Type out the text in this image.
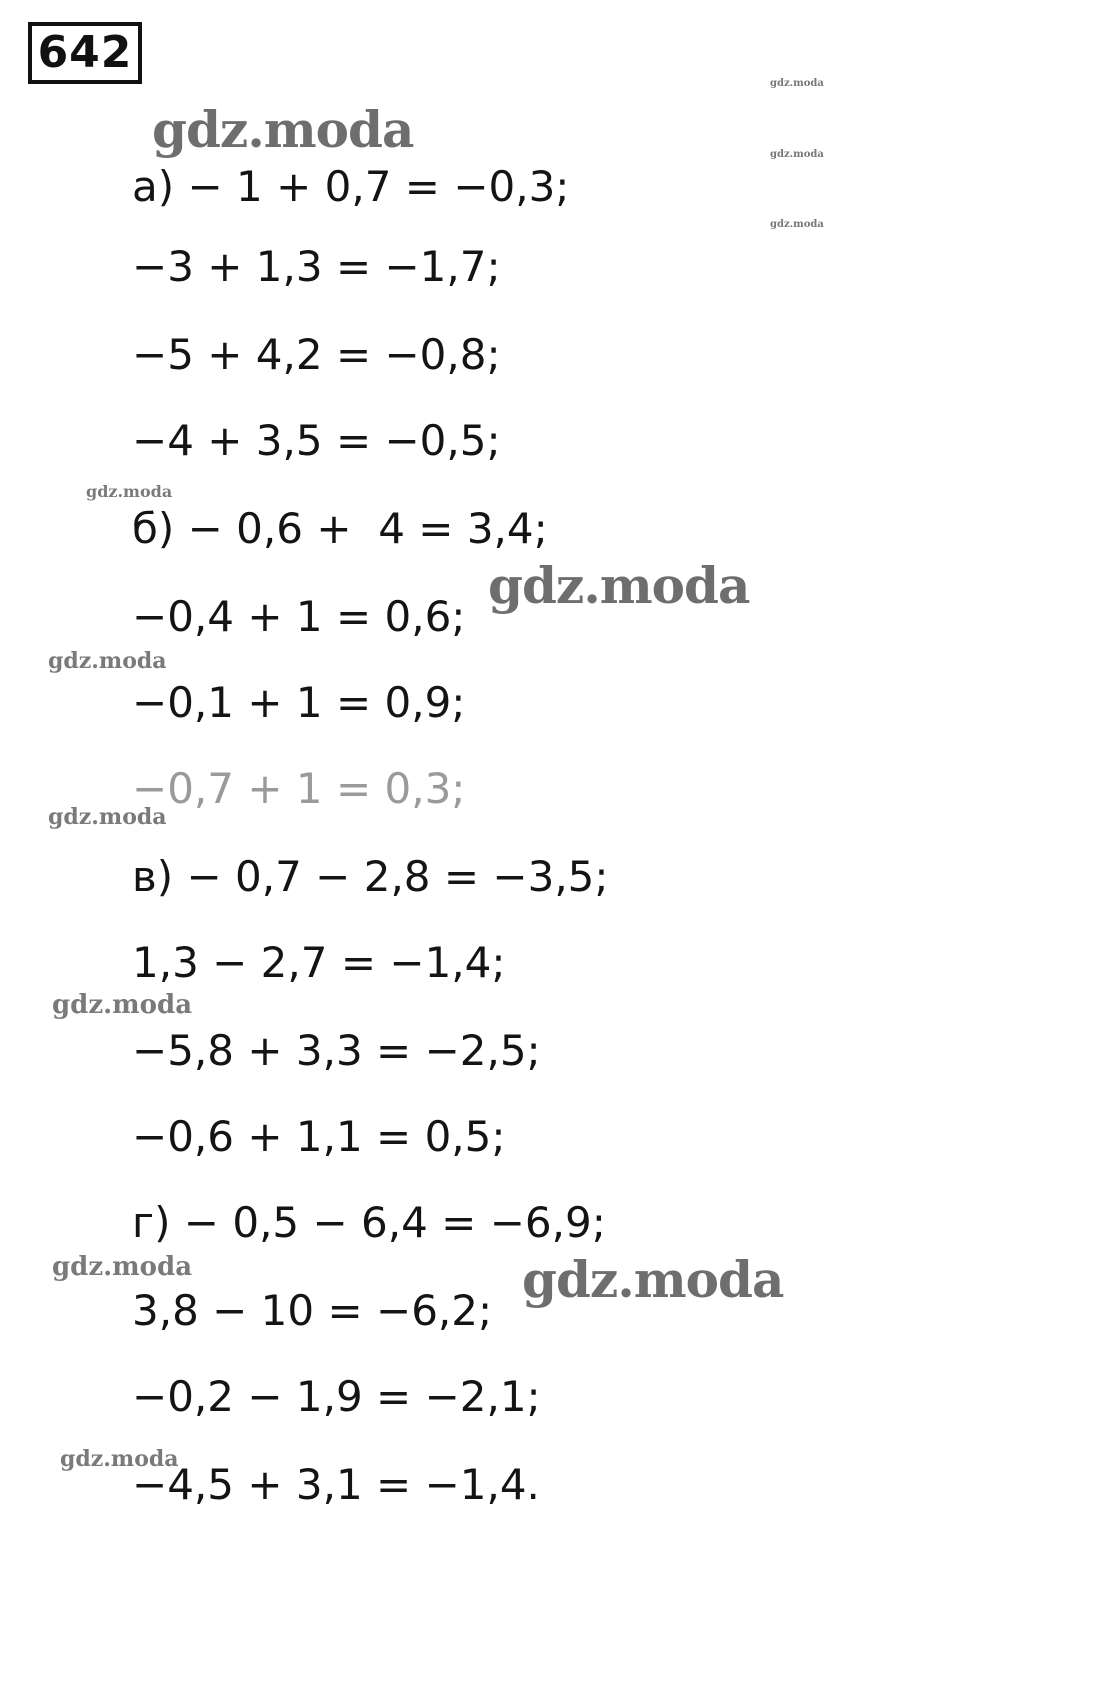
642
gdz.moda
gdz.moda	gdz.moda
gdz.moda
gdz.moda
gdz.moda
gdz.moda
gdz.moda
gdz.moda
gdz.moda	gdz.moda
gdz.moda
а) − 1 + 0,7 = −0,3;
−3 + 1,3 = −1,7;
−5 + 4,2 = −0,8;
−4 + 3,5 = −0,5;
б) − 0,6 +  4 = 3,4;
−0,4 + 1 = 0,6;
−0,1 + 1 = 0,9;
−0,7 + 1 = 0,3;
в) − 0,7 − 2,8 = −3,5;
1,3 − 2,7 = −1,4;
−5,8 + 3,3 = −2,5;
−0,6 + 1,1 = 0,5;
г) − 0,5 − 6,4 = −6,9;
3,8 − 10 = −6,2;
−0,2 − 1,9 = −2,1;
−4,5 + 3,1 = −1,4.
